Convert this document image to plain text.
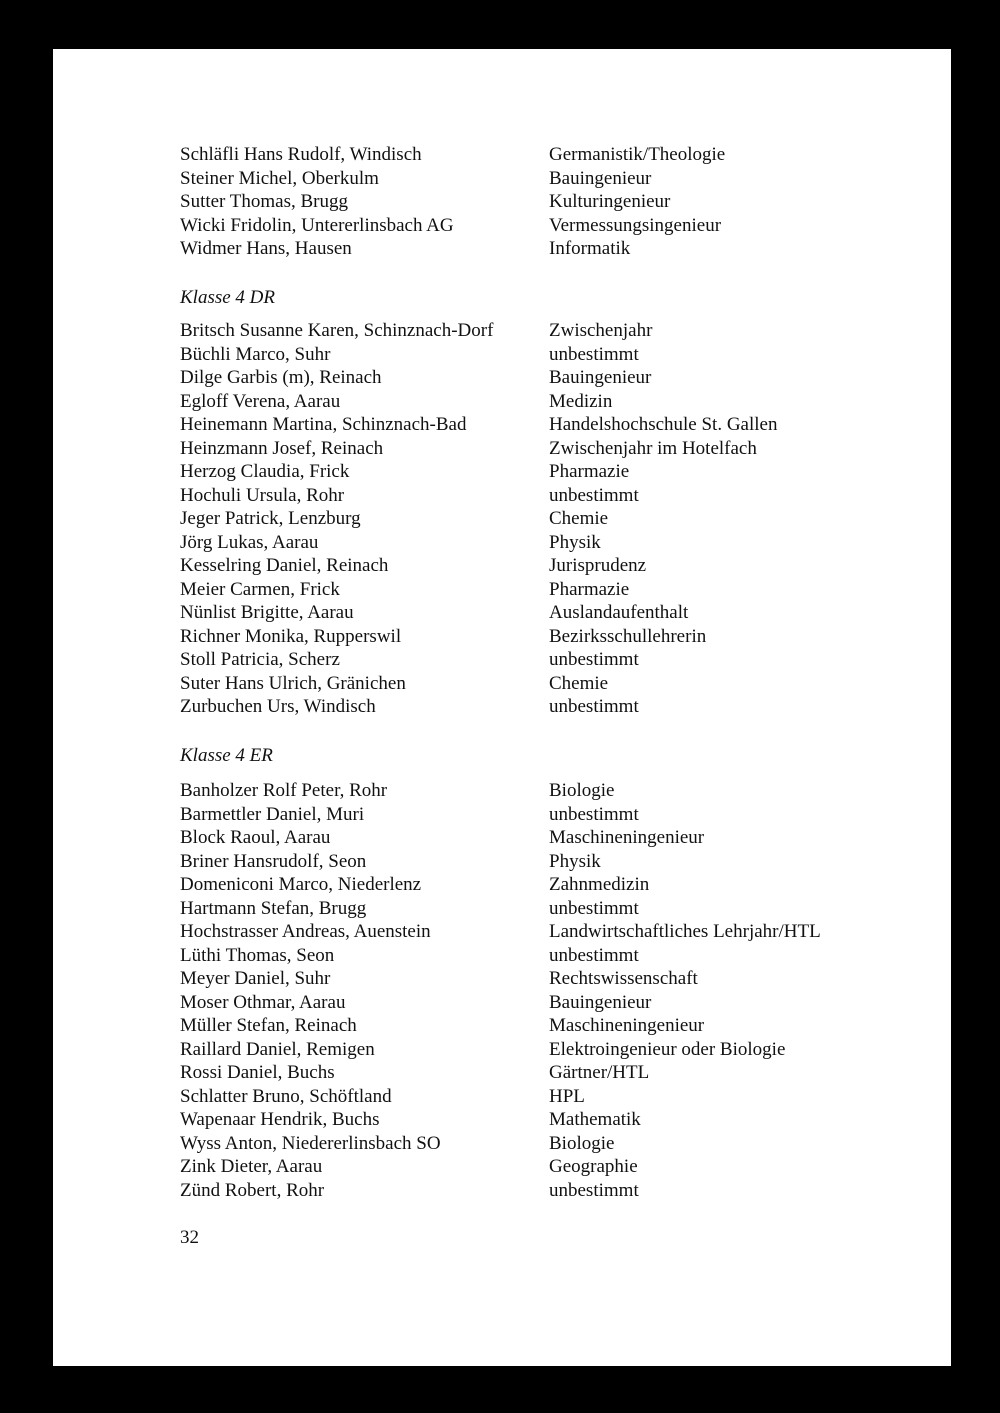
Schläfli Hans Rudolf, Windisch	Germanistik/Theologie
Steiner Michel, Oberkulm	Bauingenieur
Sutter Thomas, Brugg	Kulturingenieur
Wicki Fridolin, Untererlinsbach AG	Vermessungsingenieur
Widmer Hans, Hausen	Informatik
Klasse 4 DR
Britsch Susanne Karen, Schinznach-Dorf	Zwischenjahr
Büchli Marco, Suhr	unbestimmt
Dilge Garbis (m), Reinach	Bauingenieur
Egloff Verena, Aarau	Medizin
Heinemann Martina, Schinznach-Bad	Handelshochschule St. Gallen
Heinzmann Josef, Reinach	Zwischenjahr im Hotelfach
Herzog Claudia, Frick	Pharmazie
Hochuli Ursula, Rohr	unbestimmt
Jeger Patrick, Lenzburg	Chemie
Jörg Lukas, Aarau	Physik
Kesselring Daniel, Reinach	Jurisprudenz
Meier Carmen, Frick	Pharmazie
Nünlist Brigitte, Aarau	Auslandaufenthalt
Richner Monika, Rupperswil	Bezirksschullehrerin
Stoll Patricia, Scherz	unbestimmt
Suter Hans Ulrich, Gränichen	Chemie
Zurbuchen Urs, Windisch	unbestimmt
Klasse 4 ER
Banholzer Rolf Peter, Rohr	Biologie
Barmettler Daniel, Muri	unbestimmt
Block Raoul, Aarau	Maschineningenieur
Briner Hansrudolf, Seon	Physik
Domeniconi Marco, Niederlenz	Zahnmedizin
Hartmann Stefan, Brugg	unbestimmt
Hochstrasser Andreas, Auenstein	Landwirtschaftliches Lehrjahr/HTL
Lüthi Thomas, Seon	unbestimmt
Meyer Daniel, Suhr	Rechtswissenschaft
Moser Othmar, Aarau	Bauingenieur
Müller Stefan, Reinach	Maschineningenieur
Raillard Daniel, Remigen	Elektroingenieur oder Biologie
Rossi Daniel, Buchs	Gärtner/HTL
Schlatter Bruno, Schöftland	HPL
Wapenaar Hendrik, Buchs	Mathematik
Wyss Anton, Niedererlinsbach SO	Biologie
Zink Dieter, Aarau	Geographie
Zünd Robert, Rohr	unbestimmt
32
